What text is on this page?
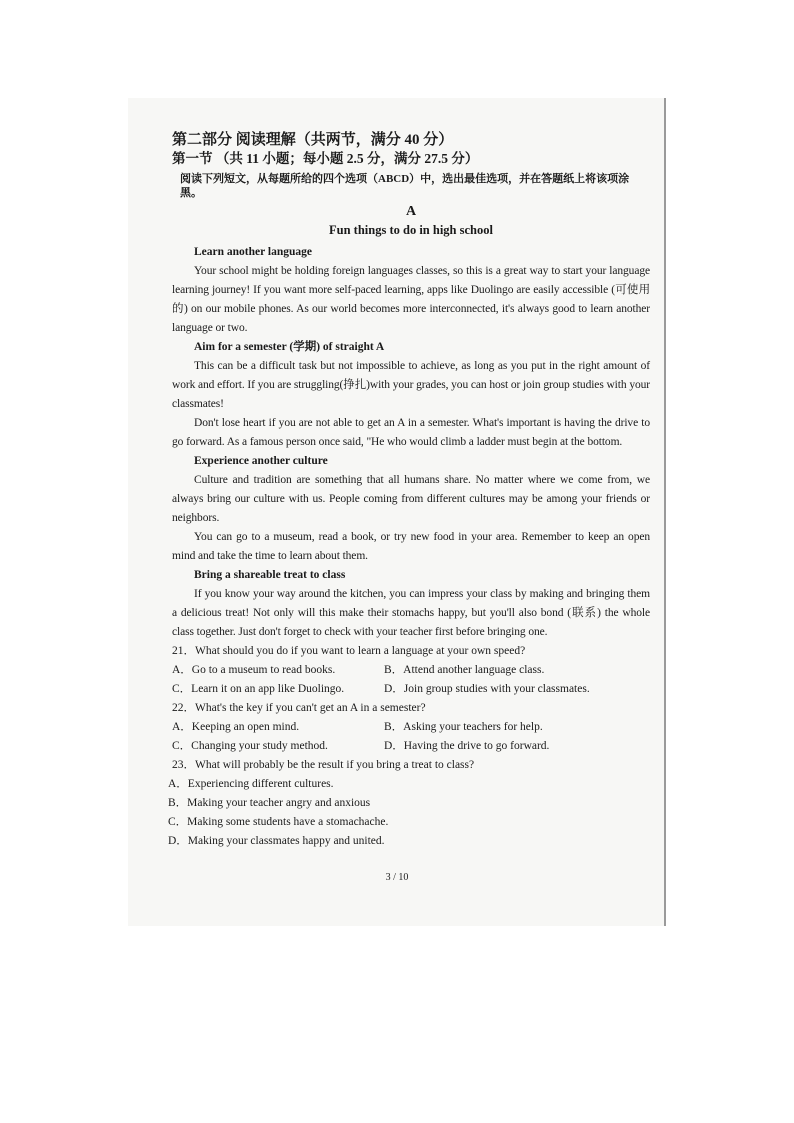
第二部分 阅读理解（共两节，满分 40 分）

第一节 （共 11 小题；每小题 2.5 分，满分 27.5 分）

阅读下列短文，从每题所给的四个选项（ABCD）中，选出最佳选项，并在答题纸上将该项涂黑。

A

Fun things to do in high school

Learn another language

Your school might be holding foreign languages classes, so this is a great way to start your language learning journey! If you want more self-paced learning, apps like Duolingo are easily accessible (可使用的) on our mobile phones. As our world becomes more interconnected, it's always good to learn another language or two.

Aim for a semester (学期) of straight A

This can be a difficult task but not impossible to achieve, as long as you put in the right amount of work and effort. If you are struggling(挣扎)with your grades, you can host or join group studies with your classmates!

Don't lose heart if you are not able to get an A in a semester. What's important is having the drive to go forward. As a famous person once said, "He who would climb a ladder must begin at the bottom.

Experience another culture

Culture and tradition are something that all humans share. No matter where we come from, we always bring our culture with us. People coming from different cultures may be among your friends or neighbors.

You can go to a museum, read a book, or try new food in your area. Remember to keep an open mind and take the time to learn about them.

Bring a shareable treat to class

If you know your way around the kitchen, you can impress your class by making and bringing them a delicious treat! Not only will this make their stomachs happy, but you'll also bond (联系) the whole class together. Just don't forget to check with your teacher first before bringing one.

21．What should you do if you want to learn a language at your own speed?

A．Go to a museum to read books.	B．Attend another language class.
C．Learn it on an app like Duolingo.	D．Join group studies with your classmates.

22．What's the key if you can't get an A in a semester?

A．Keeping an open mind.	B．Asking your teachers for help.
C．Changing your study method.	D．Having the drive to go forward.

23．What will probably be the result if you bring a treat to class?

A．Experiencing different cultures.

B．Making your teacher angry and anxious

C．Making some students have a stomachache.

D．Making your classmates happy and united.

3 / 10
